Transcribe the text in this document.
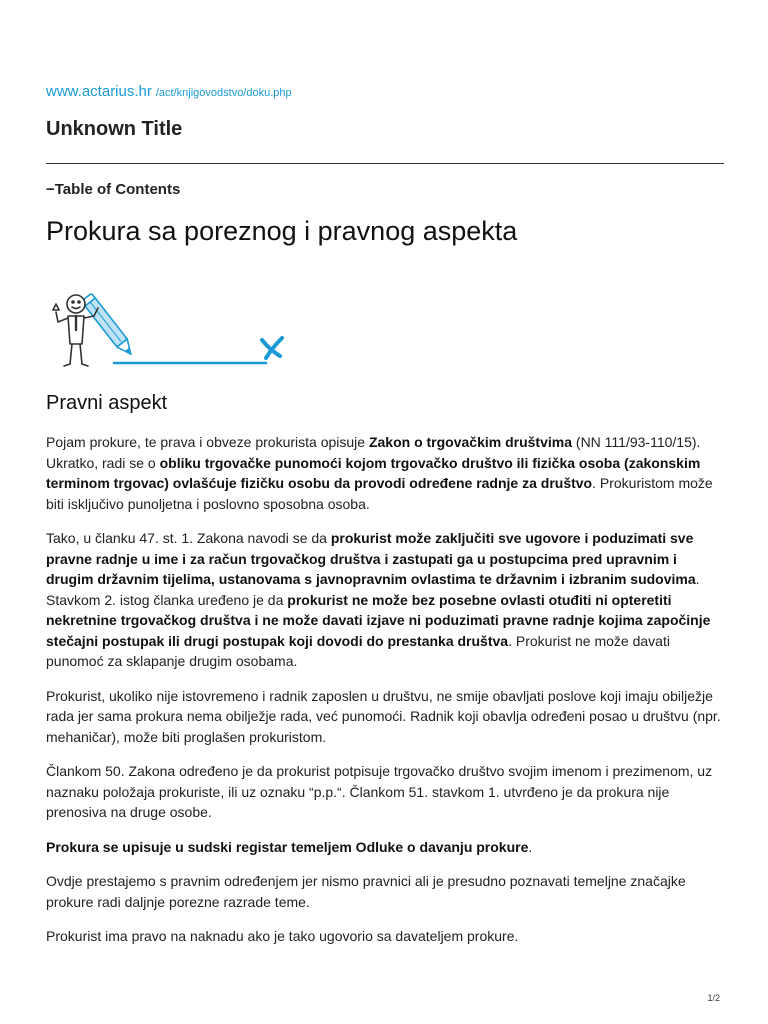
www.actarius.hr /act/knjigovodstvo/doku.php
Unknown Title
−Table of Contents
Prokura sa poreznog i pravnog aspekta
Pravni aspekt

Pojam prokure, te prava i obveze prokurista opisuje Zakon o trgovačkim društvima (NN 111/93-110/15). Ukratko, radi se o obliku trgovačke punomoći kojom trgovačko društvo ili fizička osoba (zakonskim terminom trgovac) ovlašćuje fizičku osobu da provodi određene radnje za društvo. Prokuristom može biti isključivo punoljetna i poslovno sposobna osoba.

Tako, u članku 47. st. 1. Zakona navodi se da prokurist može zaključiti sve ugovore i poduzimati sve pravne radnje u ime i za račun trgovačkog društva i zastupati ga u postupcima pred upravnim i drugim državnim tijelima, ustanovama s javnopravnim ovlastima te državnim i izbranim sudovima.

Stavkom 2. istog članka uređeno je da prokurist ne može bez posebne ovlasti otuđiti ni opteretiti nekretnine trgovačkog društva i ne može davati izjave ni poduzimati pravne radnje kojima započinje stečajni postupak ili drugi postupak koji dovodi do prestanka društva. Prokurist ne može davati punomoć za sklapanje drugim osobama.

Prokurist, ukoliko nije istovremeno i radnik zaposlen u društvu, ne smije obavljati poslove koji imaju obilježje rada jer sama prokura nema obilježje rada, već punomoći. Radnik koji obavlja određeni posao u društvu (npr. mehaničar), može biti proglašen prokuristom.

Člankom 50. Zakona određeno je da prokurist potpisuje trgovačko društvo svojim imenom i prezimenom, uz naznaku položaja prokuriste, ili uz oznaku “p.p.“. Člankom 51. stavkom 1. utvrđeno je da prokura nije prenosiva na druge osobe.

Prokura se upisuje u sudski registar temeljem Odluke o davanju prokure.

Ovdje prestajemo s pravnim određenjem jer nismo pravnici ali je presudno poznavati temeljne značajke prokure radi daljnje porezne razrade teme.

Prokurist ima pravo na naknadu ako je tako ugovorio sa davateljem prokure.

1/2
